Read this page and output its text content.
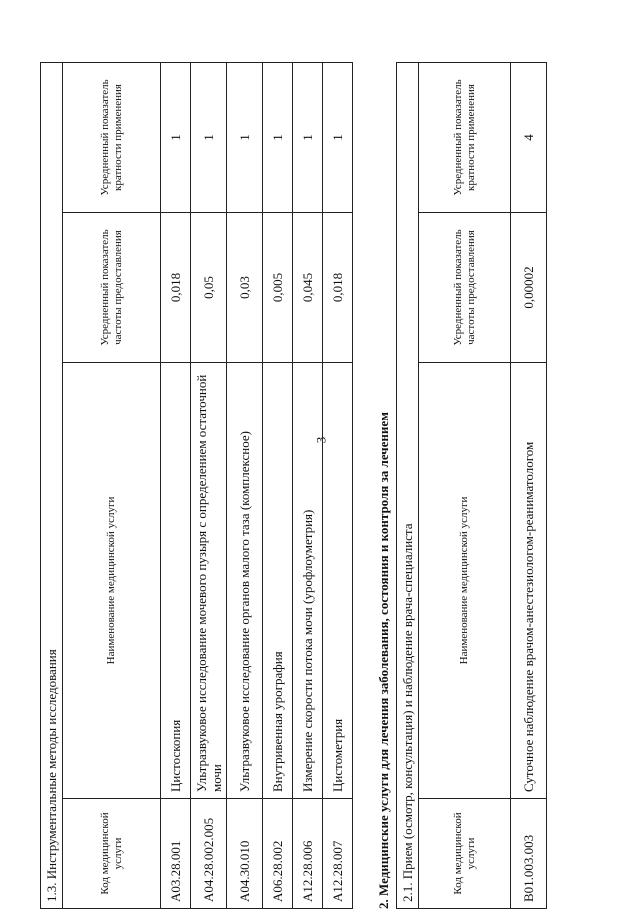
3
1.3. Инструментальные методы исследования			
Код медицинской услуги	Наименование медицинской услуги	Усредненный показатель частоты предоставления	Усредненный показатель кратности применения
A03.28.001	Цистоскопия	0,018	1
A04.28.002.005	Ультразвуковое исследование мочевого пузыря с определением остаточной мочи	0,05	1
A04.30.010	Ультразвуковое исследование органов малого таза (комплексное)	0,03	1
A06.28.002	Внутривенная урография	0,005	1
A12.28.006	Измерение скорости потока мочи (урофлоуметрия)	0,045	1
A12.28.007	Цистометрия	0,018	1
2. Медицинские услуги для лечения заболевания, состояния и контроля за лечением 2.1. Прием (осмотр, консультация) и наблюдение врача-специалиста			
Код медицинской услуги	Наименование медицинской услуги	Усредненный показатель частоты предоставления	Усредненный показатель кратности применения
B01.003.003	Суточное наблюдение врачом-анестезиологом-реаниматологом	0,00002	4
